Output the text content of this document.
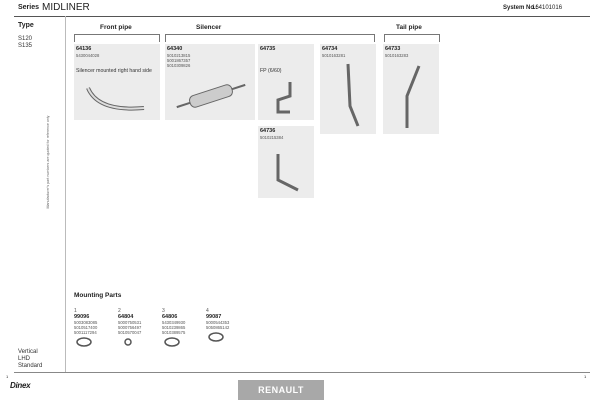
Series MIDLINER	System No.:
164101016
Type
S120
S135
Manufacturer's part numbers are quoted for reference only
Front pipe	Silencer	Tail pipe
64136
5430044028
Silencer mounted right hand side
64340
5010213815
5001867357
5010309826
64735
FP (6/60)
64734
5010163281
64733
5010163283
64736
5010215384
Mounting Parts
1
99096
5003083085
5010517400
5001117294
2
64804
5000750531
5000756497
5010570047
3
64806
5430349930
5010239865
5010389575
4
99087
5000544353
5050865142
Vertical
LHD
Standard
1	1
Dinex	RENAULT
